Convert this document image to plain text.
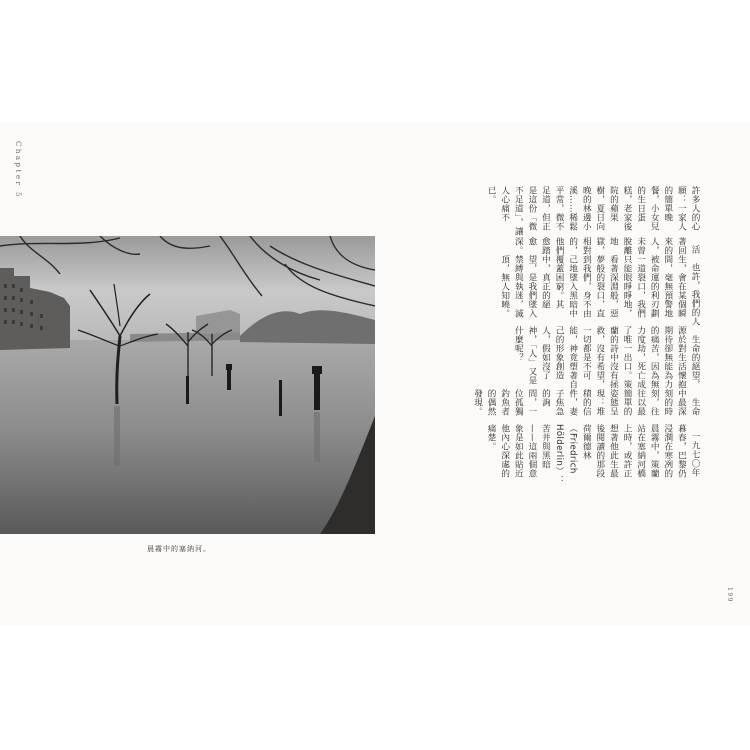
Chapter 5
晨霧中的塞納河。

許多人的心願：一家人的簡單晚餐，小女兒的生日蛋糕，老家後院的蘋果樹，夏日向晚的林邊小溪……稀鬆平常，微不足道，但正是這份「微不足道」，讓人心痛不已。

活著回來的人，未曾脫離地獄，相對的，他們愈踏愈深。

也許，我們的人生，會在某個瞬間，毫無預警地被命運的利刃劃一道裂口，我們只能眼睜睜地，看著深淵般，惡夢般的裂口，直到我們，身不由己地墜入黑暗中覆蓋困窮。其中，真正的絕望，是我們墜入禁縛與執迷，滅頂，無人知曉。

生命的絕望，源於對生活懷抱期待卻無能為力的痛苦，因為無力度劫，死亡成了唯一出口。策蘭的詩中沒有拯救，沒有希望，一切都是不可能，神竟塑著自己的形象創造人，假如沒了神，「人」又是什麼呢？

生命中最深刻的時刻，往往以最簡單的姿態呈現：堆積的信件，妻子焦急的詢問，一位孤獨釣魚者的偶然發現。

一九七〇年暮春，巴黎仍浸潤在寒冽的晨霧中，策蘭站在塞納河橋上時，或許正想著他此生最後閱讀的那段荷爾德林（Friedrich Hölderlin）：苦井與黑暗——這兩個意象是如此貼近他內心深處的痛楚。

199
